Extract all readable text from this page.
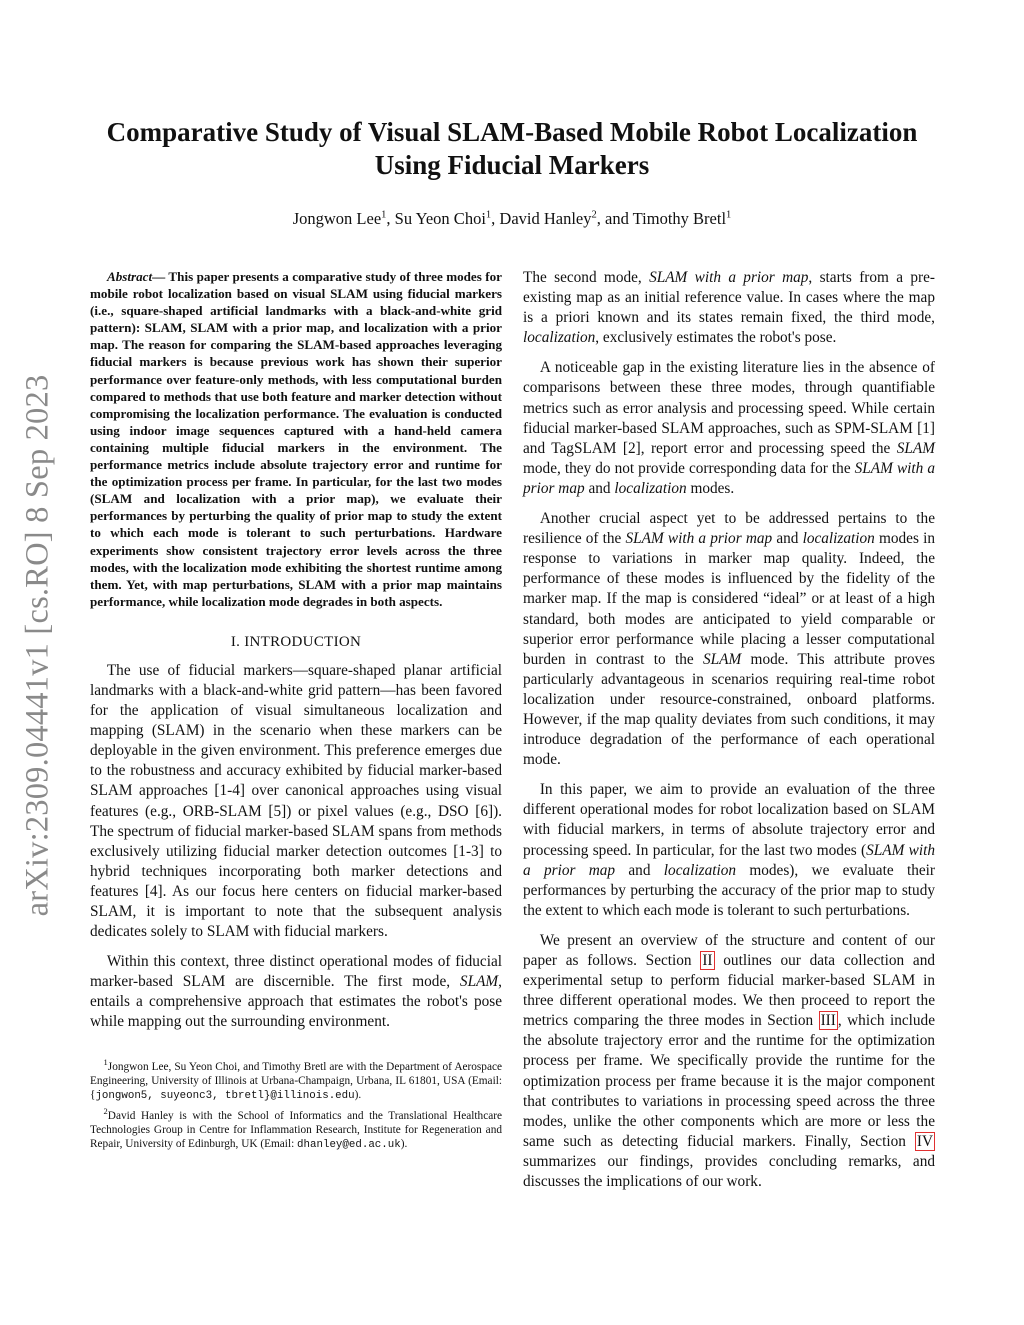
arXiv:2309.04441v1 [cs.RO] 8 Sep 2023
Comparative Study of Visual SLAM-Based Mobile Robot Localization
Using Fiducial Markers

Jongwon Lee$^1$, Su Yeon Choi$^1$, David Hanley$^2$, and Timothy Bretl$^1$

Abstract— This paper presents a comparative study of three modes for mobile robot localization based on visual SLAM using fiducial markers (i.e., square-shaped artificial landmarks with a black-and-white grid pattern): SLAM, SLAM with a prior map, and localization with a prior map. The reason for comparing the SLAM-based approaches leveraging fiducial markers is because previous work has shown their superior performance over feature-only methods, with less computational burden compared to methods that use both feature and marker detection without compromising the localization performance. The evaluation is conducted using indoor image sequences captured with a hand-held camera containing multiple fiducial markers in the environment. The performance metrics include absolute trajectory error and runtime for the optimization process per frame. In particular, for the last two modes (SLAM and localization with a prior map), we evaluate their performances by perturbing the quality of prior map to study the extent to which each mode is tolerant to such perturbations. Hardware experiments show consistent trajectory error levels across the three modes, with the localization mode exhibiting the shortest runtime among them. Yet, with map perturbations, SLAM with a prior map maintains performance, while localization mode degrades in both aspects.

I. INTRODUCTION

The use of fiducial markers—square-shaped planar artificial landmarks with a black-and-white grid pattern—has been favored for the application of visual simultaneous localization and mapping (SLAM) in the scenario when these markers can be deployable in the given environment. This preference emerges due to the robustness and accuracy exhibited by fiducial marker-based SLAM approaches [1-4] over canonical approaches using visual features (e.g., ORB-SLAM [5]) or pixel values (e.g., DSO [6]). The spectrum of fiducial marker-based SLAM spans from methods exclusively utilizing fiducial marker detection outcomes [1-3] to hybrid techniques incorporating both marker detections and features [4]. As our focus here centers on fiducial marker-based SLAM, it is important to note that the subsequent analysis dedicates solely to SLAM with fiducial markers.

Within this context, three distinct operational modes of fiducial marker-based SLAM are discernible. The first mode, SLAM, entails a comprehensive approach that estimates the robot's pose while mapping out the surrounding environment.

$^1$Jongwon Lee, Su Yeon Choi, and Timothy Bretl are with the Department of Aerospace Engineering, University of Illinois at Urbana-Champaign, Urbana, IL 61801, USA (Email: {jongwon5, suyeonc3, tbretl}@illinois.edu).

$^2$David Hanley is with the School of Informatics and the Translational Healthcare Technologies Group in Centre for Inflammation Research, Institute for Regeneration and Repair, University of Edinburgh, UK (Email: dhanley@ed.ac.uk).

The second mode, SLAM with a prior map, starts from a pre-existing map as an initial reference value. In cases where the map is a priori known and its states remain fixed, the third mode, localization, exclusively estimates the robot's pose.

A noticeable gap in the existing literature lies in the absence of comparisons between these three modes, through quantifiable metrics such as error analysis and processing speed. While certain fiducial marker-based SLAM approaches, such as SPM-SLAM [1] and TagSLAM [2], report error and processing speed the SLAM mode, they do not provide corresponding data for the SLAM with a prior map and localization modes.

Another crucial aspect yet to be addressed pertains to the resilience of the SLAM with a prior map and localization modes in response to variations in marker map quality. Indeed, the performance of these modes is influenced by the fidelity of the marker map. If the map is considered “ideal” or at least of a high standard, both modes are anticipated to yield comparable or superior error performance while placing a lesser computational burden in contrast to the SLAM mode. This attribute proves particularly advantageous in scenarios requiring real-time robot localization under resource-constrained, onboard platforms. However, if the map quality deviates from such conditions, it may introduce degradation of the performance of each operational mode.

In this paper, we aim to provide an evaluation of the three different operational modes for robot localization based on SLAM with fiducial markers, in terms of absolute trajectory error and processing speed. In particular, for the last two modes (SLAM with a prior map and localization modes), we evaluate their performances by perturbing the accuracy of the prior map to study the extent to which each mode is tolerant to such perturbations.

We present an overview of the structure and content of our paper as follows. Section II outlines our data collection and experimental setup to perform fiducial marker-based SLAM in three different operational modes. We then proceed to report the metrics comparing the three modes in Section III , which include the absolute trajectory error and the runtime for the optimization process per frame. We specifically provide the runtime for the optimization process per frame because it is the major component that contributes to variations in processing speed across the three modes, unlike the other components which are more or less the same such as detecting fiducial markers. Finally, Section IV summarizes our findings, provides concluding remarks, and discusses the implications of our work.
